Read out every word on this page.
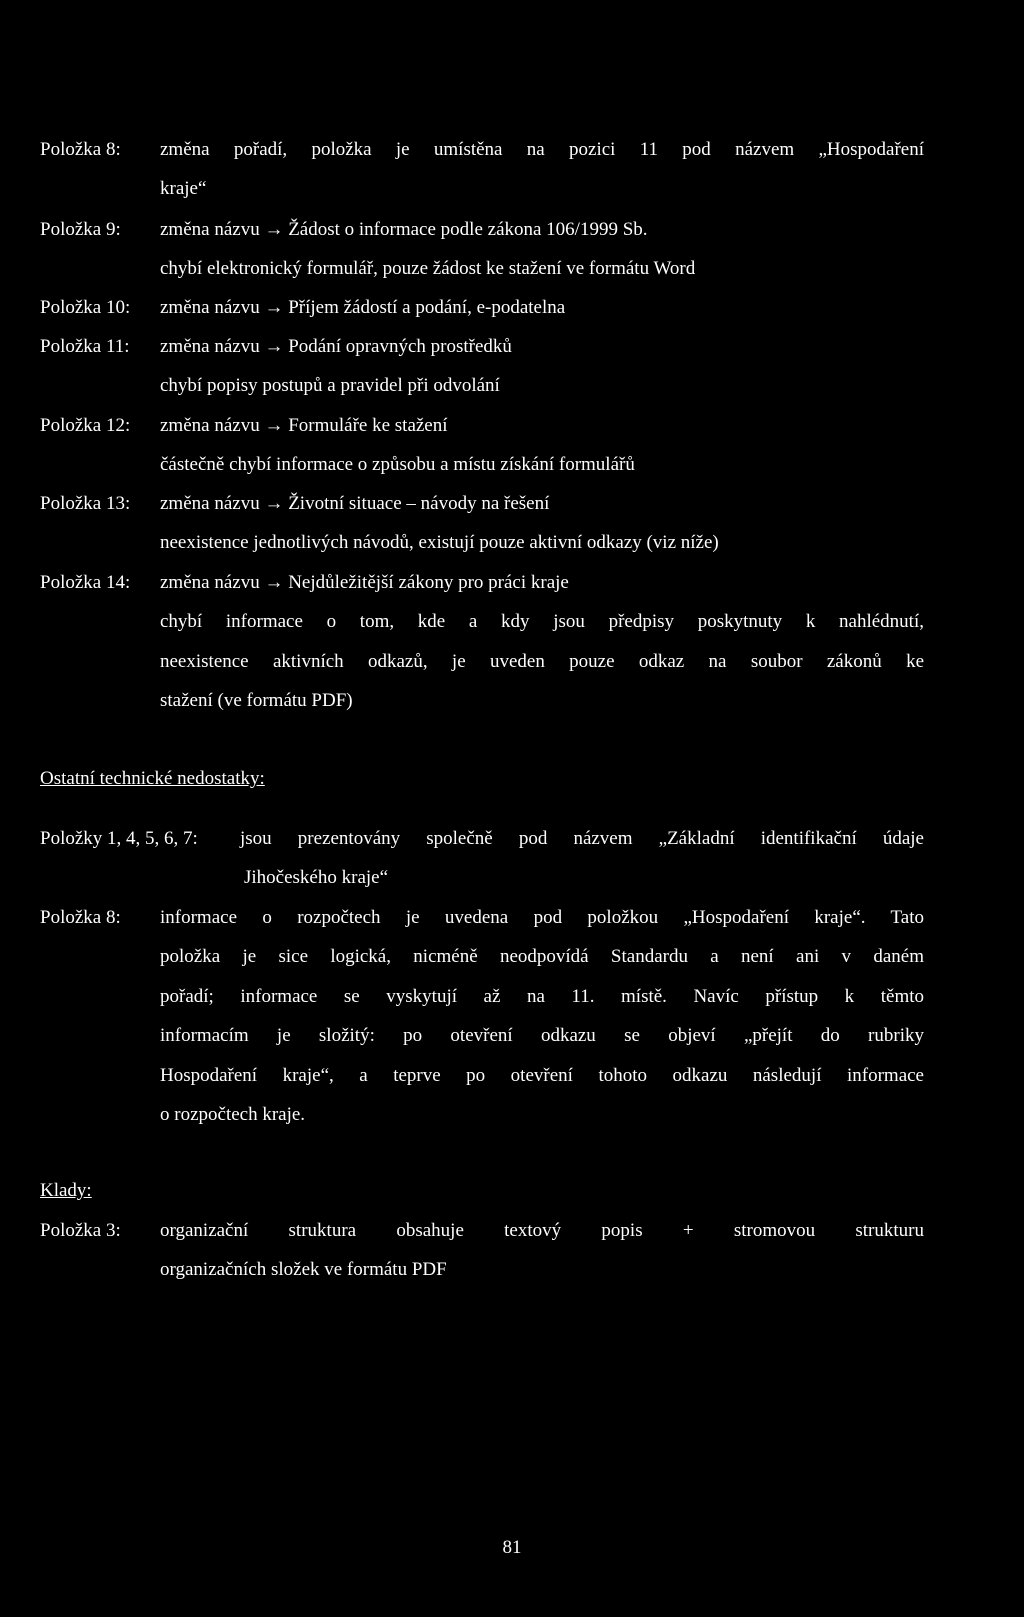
Položka 8: změna pořadí, položka je umístěna na pozici 11 pod názvem „Hospodaření
kraje“
Položka 9: změna názvu → Žádost o informace podle zákona 106/1999 Sb.
chybí elektronický formulář, pouze žádost ke stažení ve formátu Word
Položka 10: změna názvu → Příjem žádostí a podání, e-podatelna
Položka 11: změna názvu → Podání opravných prostředků
chybí popisy postupů a pravidel při odvolání
Položka 12: změna názvu → Formuláře ke stažení
částečně chybí informace o způsobu a místu získání formulářů
Položka 13: změna názvu → Životní situace – návody na řešení
neexistence jednotlivých návodů, existují pouze aktivní odkazy (viz níže)
Položka 14: změna názvu → Nejdůležitější zákony pro práci kraje
chybí informace o tom, kde a kdy jsou předpisy poskytnuty k nahlédnutí,
neexistence aktivních odkazů, je uveden pouze odkaz na soubor zákonů ke
stažení (ve formátu PDF)
Ostatní technické nedostatky:
Položky 1, 4, 5, 6, 7: jsou prezentovány společně pod názvem „Základní identifikační údaje
Jihočeského kraje“
Položka 8: informace o rozpočtech je uvedena pod položkou „Hospodaření kraje“. Tato
položka je sice logická, nicméně neodpovídá Standardu a není ani v daném
pořadí; informace se vyskytují až na 11. místě. Navíc přístup k těmto
informacím je složitý: po otevření odkazu se objeví „přejít do rubriky
Hospodaření kraje“, a teprve po otevření tohoto odkazu následují informace
o rozpočtech kraje.
Klady:
Položka 3: organizační struktura obsahuje textový popis + stromovou strukturu
organizačních složek ve formátu PDF
81
